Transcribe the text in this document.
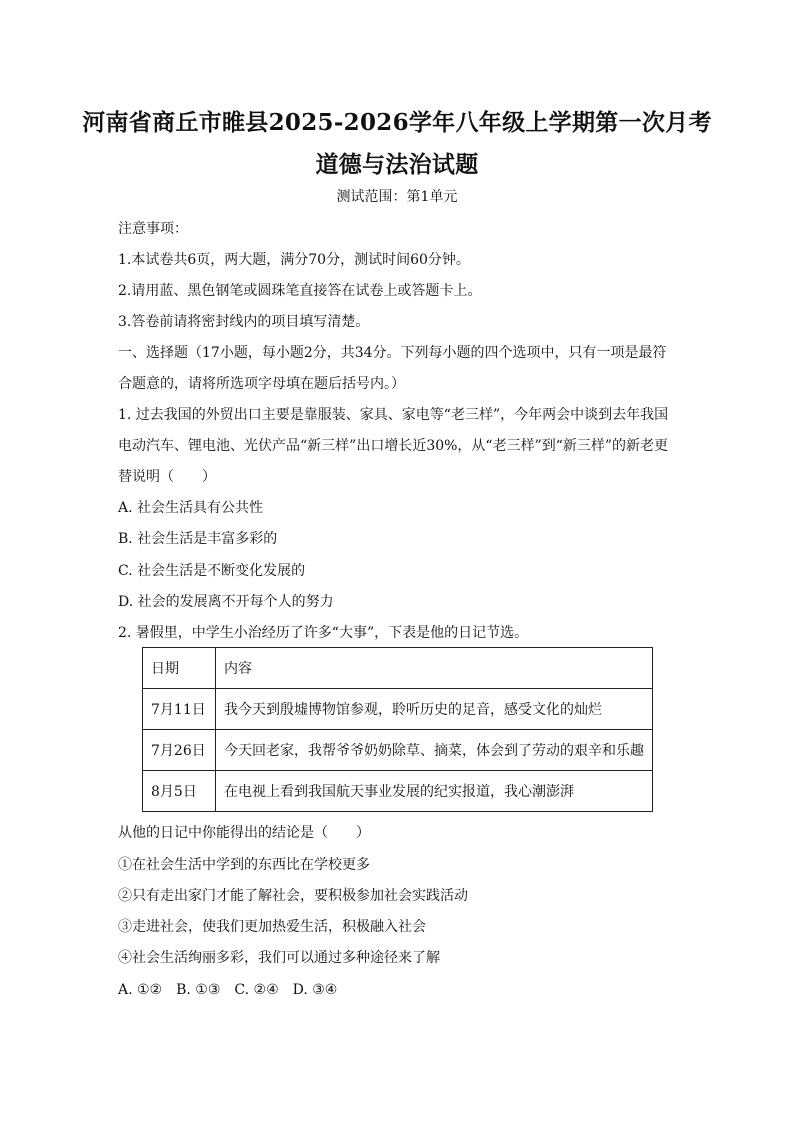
河南省商丘市睢县2025-2026学年八年级上学期第一次月考
道德与法治试题
测试范围：第1单元
注意事项：
1.本试卷共6页，两大题，满分70分，测试时间60分钟。
2.请用蓝、黑色钢笔或圆珠笔直接答在试卷上或答题卡上。
3.答卷前请将密封线内的项目填写清楚。
一、选择题（17小题，每小题2分，共34分。下列每小题的四个选项中，只有一项是最符合题意的，请将所选项字母填在题后括号内。）
1. 过去我国的外贸出口主要是靠服装、家具、家电等“老三样”，今年两会中谈到去年我国电动汽车、锂电池、光伏产品“新三样”出口增长近30%，从“老三样”到“新三样”的新老更替说明（　　）
A. 社会生活具有公共性
B. 社会生活是丰富多彩的
C. 社会生活是不断变化发展的
D. 社会的发展离不开每个人的努力
2. 暑假里，中学生小治经历了许多“大事”，下表是他的日记节选。
日期	内容
7月11日	我今天到殷墟博物馆参观，聆听历史的足音，感受文化的灿烂
7月26日	今天回老家，我帮爷爷奶奶除草、摘菜，体会到了劳动的艰辛和乐趣
8月5日	在电视上看到我国航天事业发展的纪实报道，我心潮澎湃
从他的日记中你能得出的结论是（　　）
①在社会生活中学到的东西比在学校更多
②只有走出家门才能了解社会，要积极参加社会实践活动
③走进社会，使我们更加热爱生活，积极融入社会
④社会生活绚丽多彩，我们可以通过多种途径来了解
A. ①②　B. ①③　C. ②④　D. ③④
